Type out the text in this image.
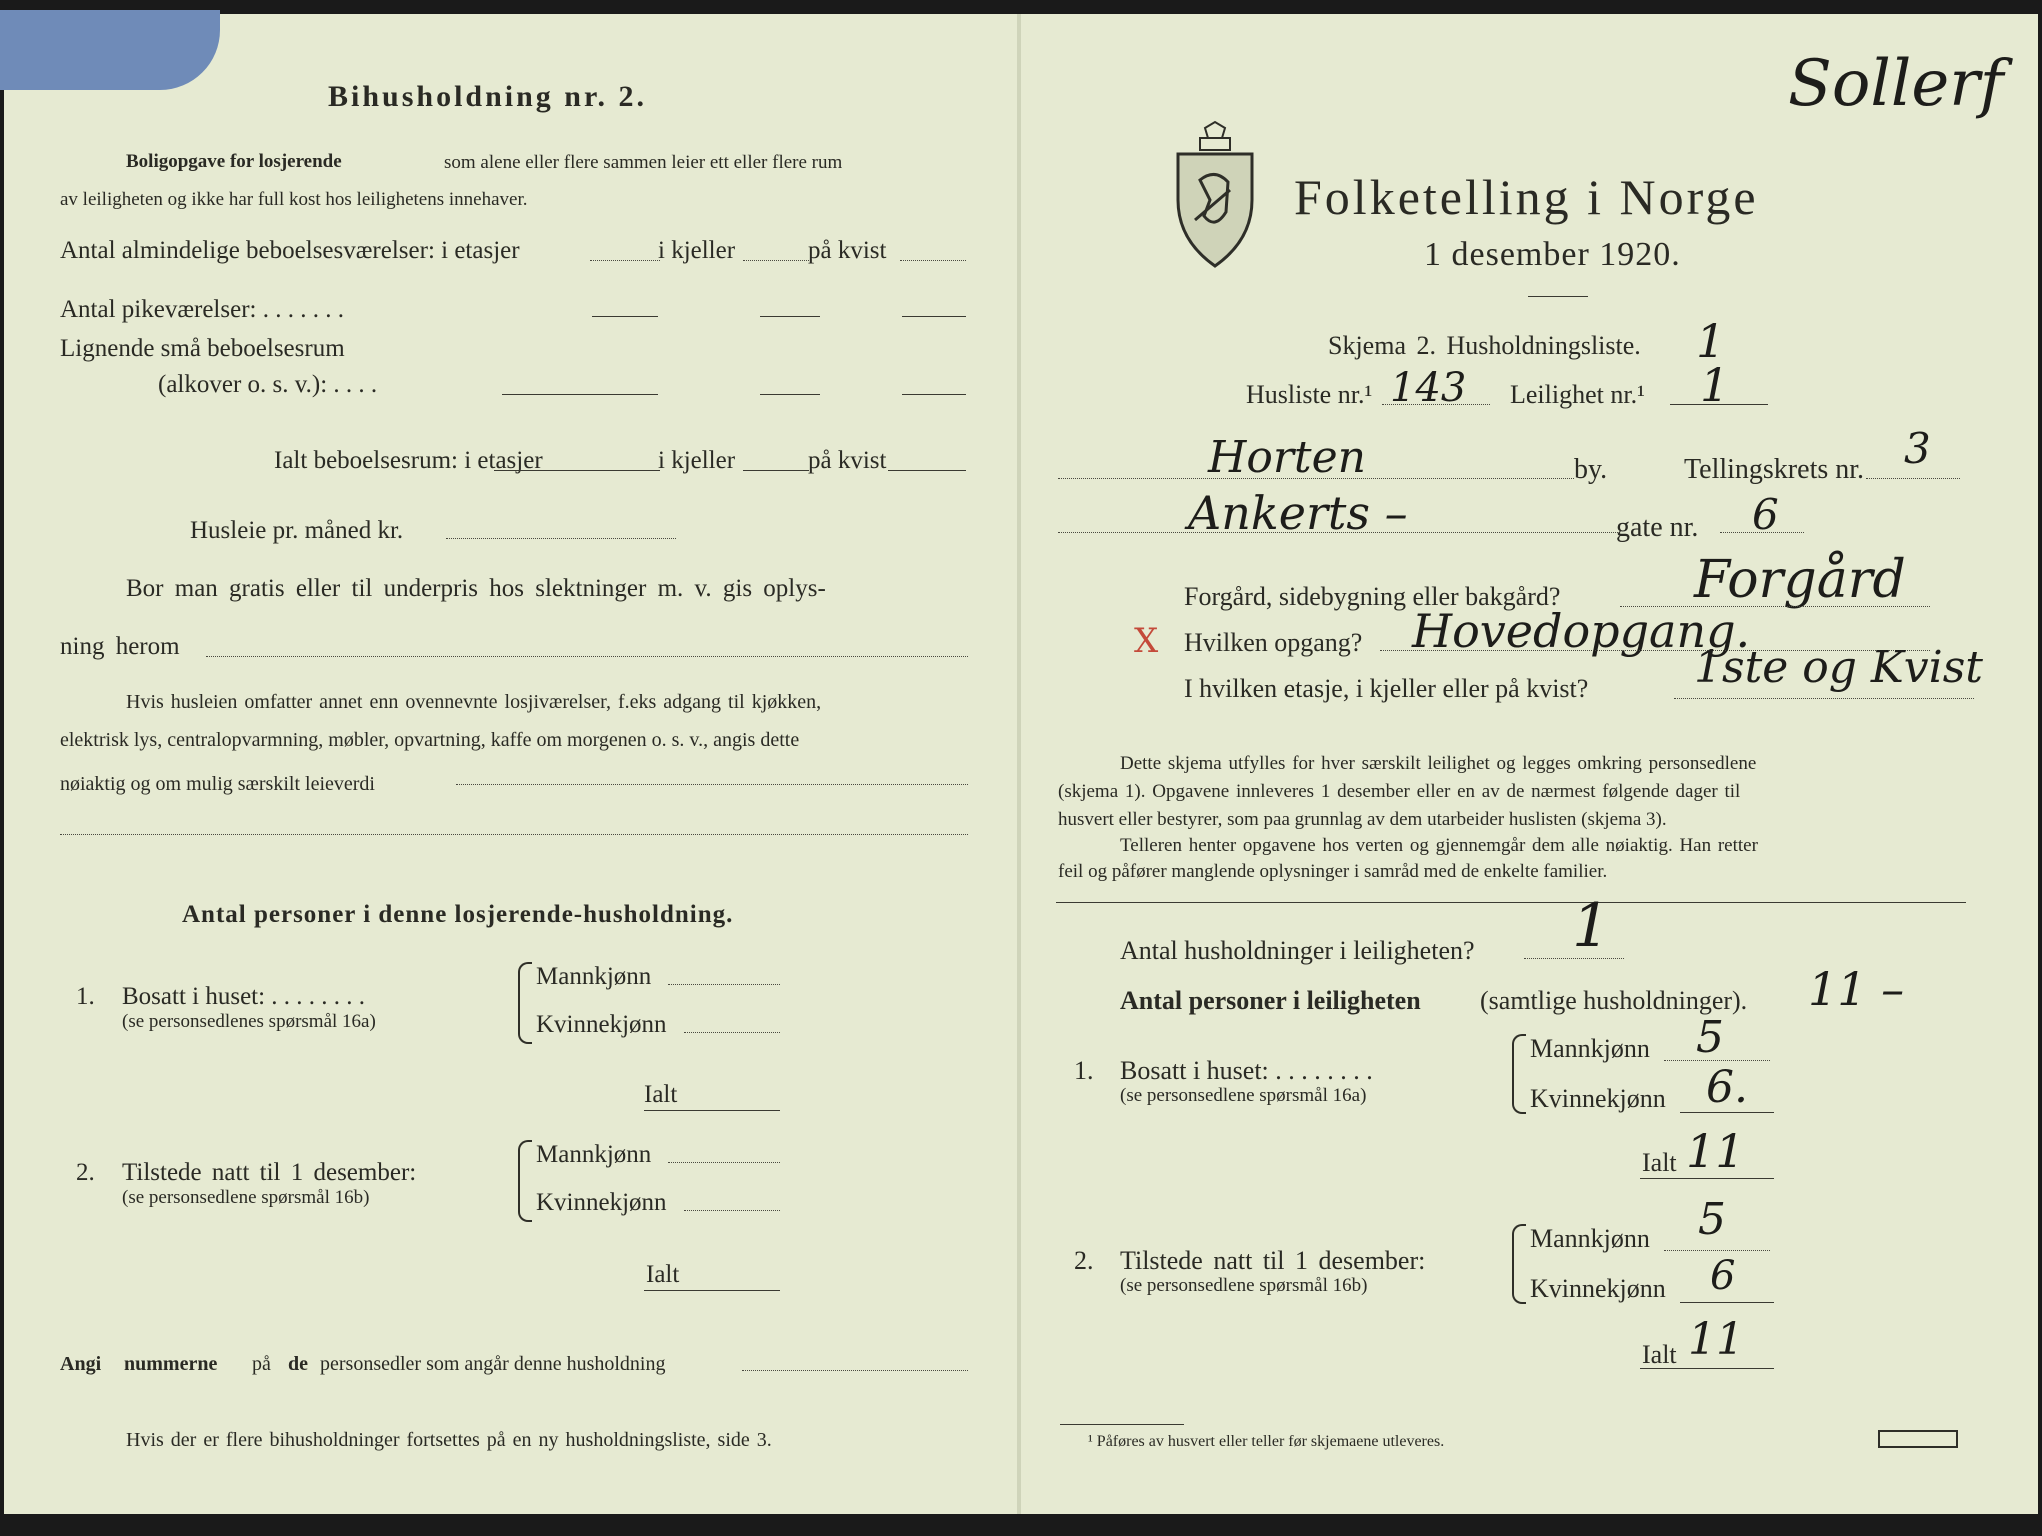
Bihusholdning nr. 2.
Boligopgave for losjerende	som alene eller flere sammen leier ett eller flere rum
av leiligheten og ikke har full kost hos leilighetens innehaver.
Antal almindelige beboelsesværelser: i etasjer	i kjeller	på kvist
Antal pikeværelser: . . . . . . .
Lignende små beboelsesrum
(alkover o. s. v.): . . . .
Ialt beboelsesrum: i etasjer	i kjeller	på kvist
Husleie pr. måned kr.
Bor man gratis eller til underpris hos slektninger m. v. gis oplys-
ning herom
Hvis husleien omfatter annet enn ovennevnte losjiværelser, f.eks adgang til kjøkken,
elektrisk lys, centralopvarmning, møbler, opvartning, kaffe om morgenen o. s. v., angis dette
nøiaktig og om mulig særskilt leieverdi
Antal personer i denne losjerende-husholdning.
1. Bosatt i huset: . . . . . . . .
(se personsedlenes spørsmål 16a)
Mannkjønn
Kvinnekjønn
Ialt
2. Tilstede natt til 1 desember:
(se personsedlene spørsmål 16b)
Mannkjønn
Kvinnekjønn
Ialt
Angi nummerne på de personsedler som angår denne husholdning
Hvis der er flere bihusholdninger fortsettes på en ny husholdningsliste, side 3.
Folketelling i Norge
1 desember 1920.
Skjema 2. Husholdningsliste. 1
Husliste nr.¹ 143 Leilighet nr.¹ 1
Horten	by.	Tellingskrets nr. 3
Ankerts –	gate nr. 6
Forgård, sidebygning eller bakgård?	Forgård
X Hvilken opgang? Hovedopgang.
I hvilken etasje, i kjeller eller på kvist? 1ste og Kvist
Dette skjema utfylles for hver særskilt leilighet og legges omkring personsedlene
(skjema 1). Opgavene innleveres 1 desember eller en av de nærmest følgende dager til
husvert eller bestyrer, som paa grunnlag av dem utarbeider huslisten (skjema 3).
Telleren henter opgavene hos verten og gjennemgår dem alle nøiaktig. Han retter
feil og påfører manglende oplysninger i samråd med de enkelte familier.
Antal husholdninger i leiligheten? 1
Antal personer i leiligheten (samtlige husholdninger). 11 –
1. Bosatt i huset: . . . . . . . .
(se personsedlene spørsmål 16a)
Mannkjønn 5
Kvinnekjønn 6.
Ialt 11
2. Tilstede natt til 1 desember:
(se personsedlene spørsmål 16b)
Mannkjønn 5
Kvinnekjønn 6
Ialt 11
¹ Påføres av husvert eller teller før skjemaene utleveres.
Sollerf
